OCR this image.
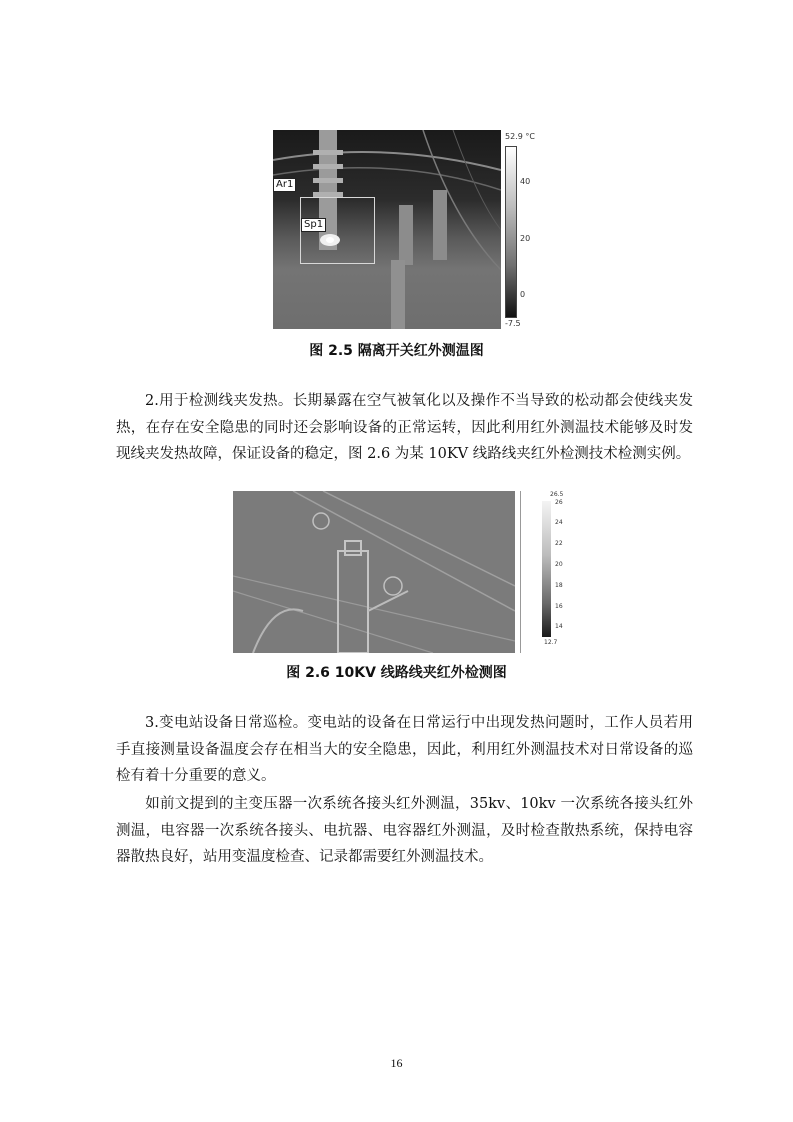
Ar1
Sp1
52.9 °C
40
20
0
-7.5
图 2.5 隔离开关红外测温图

2.用于检测线夹发热。长期暴露在空气被氧化以及操作不当导致的松动都会使线夹发热，在存在安全隐患的同时还会影响设备的正常运转，因此利用红外测温技术能够及时发现线夹发热故障，保证设备的稳定，图 2.6 为某 10KV 线路线夹红外检测技术检测实例。

26.5
26
24
22
20
18
16
14
12.7
图 2.6 10KV 线路线夹红外检测图

3.变电站设备日常巡检。变电站的设备在日常运行中出现发热问题时，工作人员若用手直接测量设备温度会存在相当大的安全隐患，因此，利用红外测温技术对日常设备的巡检有着十分重要的意义。

如前文提到的主变压器一次系统各接头红外测温，35kv、10kv 一次系统各接头红外测温，电容器一次系统各接头、电抗器、电容器红外测温，及时检查散热系统，保持电容器散热良好，站用变温度检查、记录都需要红外测温技术。

16
